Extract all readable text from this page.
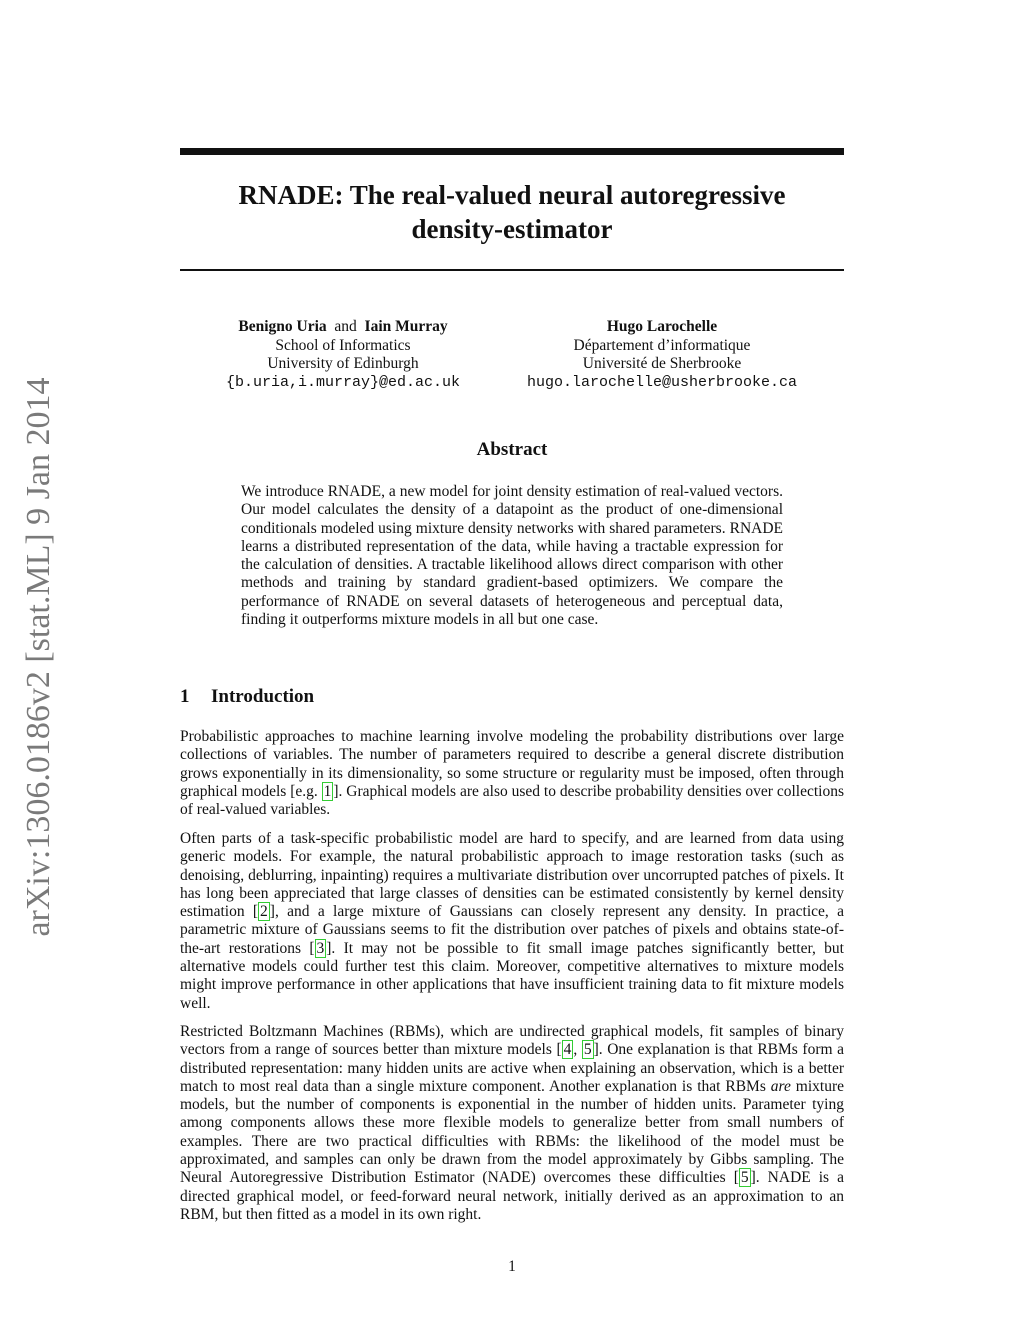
arXiv:1306.0186v2 [stat.ML] 9 Jan 2014
RNADE: The real-valued neural autoregressive
density-estimator
Benigno Uria and Iain Murray
School of Informatics
University of Edinburgh
{b.uria,i.murray}@ed.ac.uk
Hugo Larochelle
Département d’informatique
Université de Sherbrooke
hugo.larochelle@usherbrooke.ca
Abstract
We introduce RNADE, a new model for joint density estimation of real-valued vectors. Our model calculates the density of a datapoint as the product of one-dimensional conditionals modeled using mixture density networks with shared parameters. RNADE learns a distributed representation of the data, while having a tractable expression for the calculation of densities. A tractable likelihood allows direct comparison with other methods and training by standard gradient-based optimizers. We compare the performance of RNADE on several datasets of heterogeneous and perceptual data, finding it outperforms mixture models in all but one case.
1 Introduction
Probabilistic approaches to machine learning involve modeling the probability distributions over large collections of variables. The number of parameters required to describe a general discrete distribution grows exponentially in its dimensionality, so some structure or regularity must be imposed, often through graphical models [e.g. 1 ]. Graphical models are also used to describe probability densities over collections of real-valued variables.
Often parts of a task-specific probabilistic model are hard to specify, and are learned from data using generic models. For example, the natural probabilistic approach to image restoration tasks (such as denoising, deblurring, inpainting) requires a multivariate distribution over uncorrupted patches of pixels. It has long been appreciated that large classes of densities can be estimated consistently by kernel density estimation [ 2 ], and a large mixture of Gaussians can closely represent any density. In practice, a parametric mixture of Gaussians seems to fit the distribution over patches of pixels and obtains state-of-the-art restorations [ 3 ]. It may not be possible to fit small image patches significantly better, but alternative models could further test this claim. Moreover, competitive alternatives to mixture models might improve performance in other applications that have insufficient training data to fit mixture models well.
Restricted Boltzmann Machines (RBMs), which are undirected graphical models, fit samples of binary vectors from a range of sources better than mixture models [ 4 , 5 ]. One explanation is that RBMs form a distributed representation: many hidden units are active when explaining an observation, which is a better match to most real data than a single mixture component. Another explanation is that RBMs are mixture models, but the number of components is exponential in the number of hidden units. Parameter tying among components allows these more flexible models to generalize better from small numbers of examples. There are two practical difficulties with RBMs: the likelihood of the model must be approximated, and samples can only be drawn from the model approximately by Gibbs sampling. The Neural Autoregressive Distribution Estimator (NADE) overcomes these difficulties [ 5 ]. NADE is a directed graphical model, or feed-forward neural network, initially derived as an approximation to an RBM, but then fitted as a model in its own right.
1
